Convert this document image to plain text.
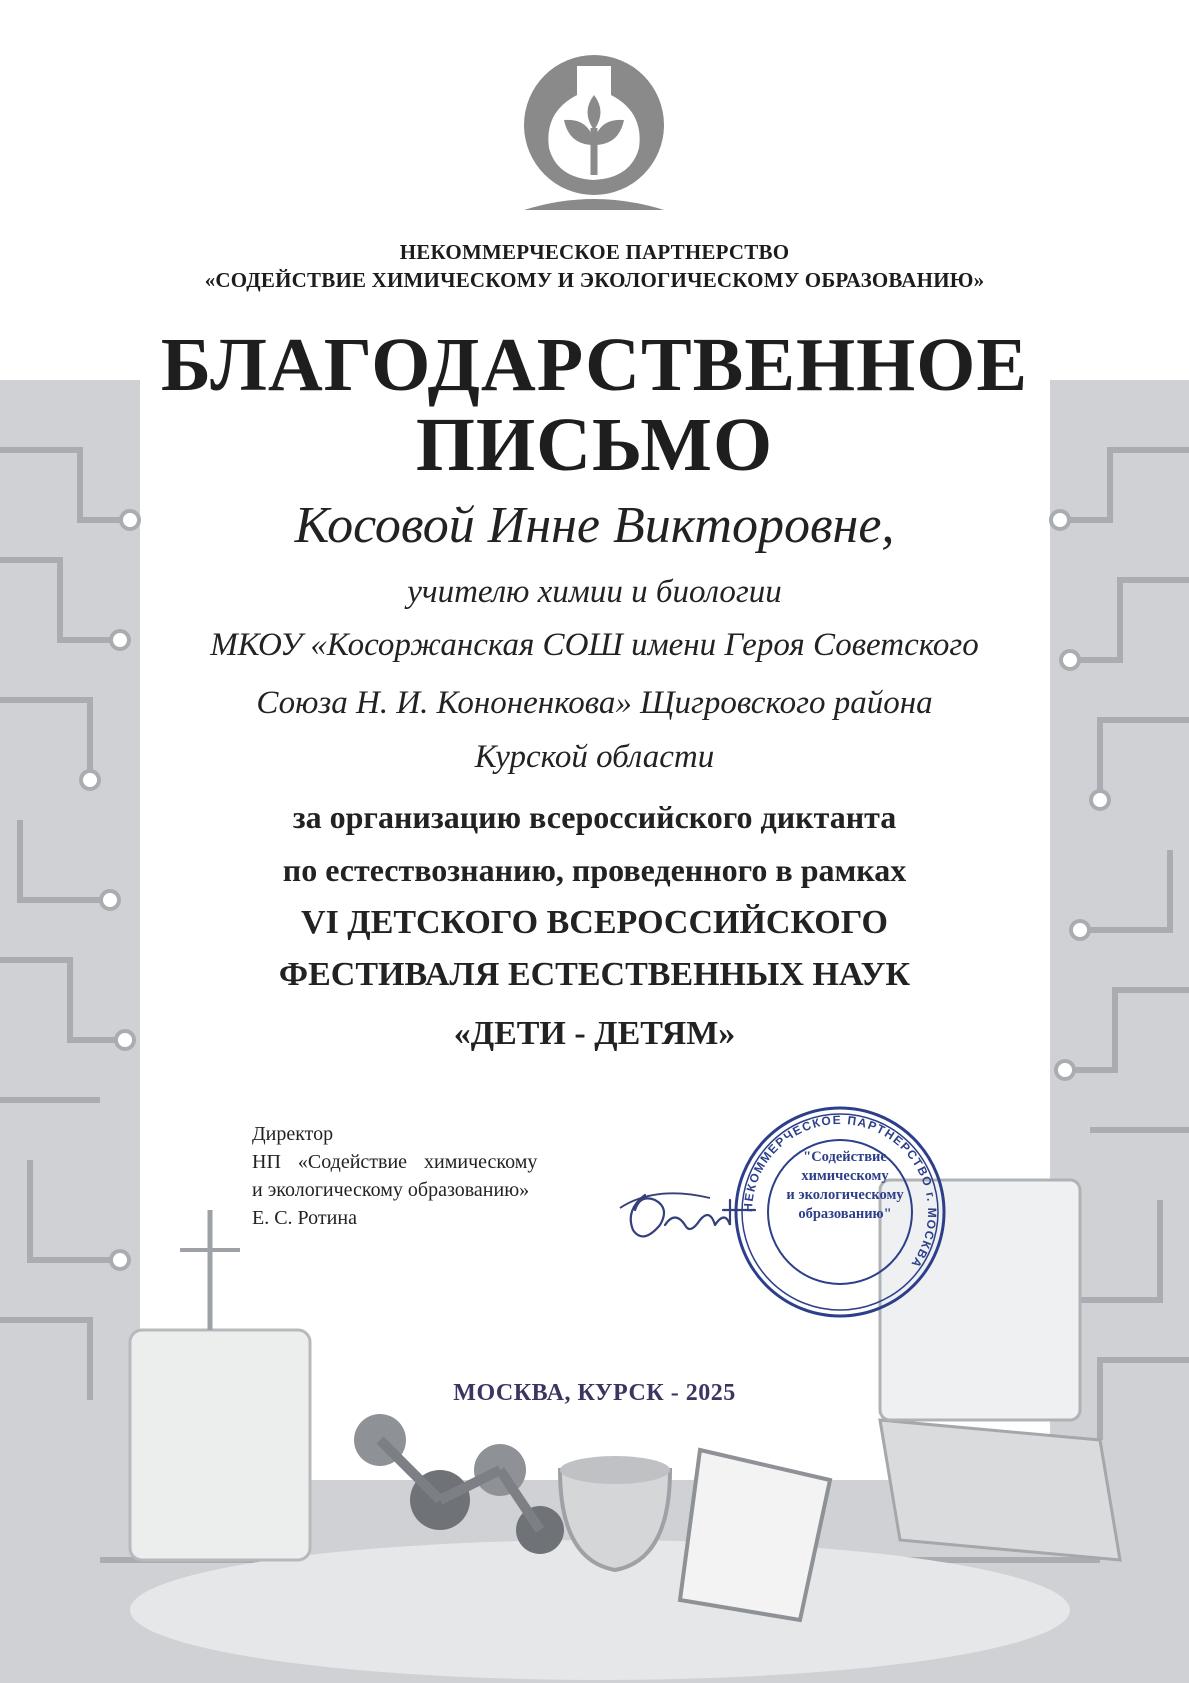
НЕКОММЕРЧЕСКОЕ ПАРТНЕРСТВО
«СОДЕЙСТВИЕ ХИМИЧЕСКОМУ И ЭКОЛОГИЧЕСКОМУ ОБРАЗОВАНИЮ»
БЛАГОДАРСТВЕННОЕ
ПИСЬМО
Косовой Инне Викторовне,
учителю химии и биологии
МКОУ «Косоржанская СОШ имени Героя Советского
Союза Н. И. Кононенкова» Щигровского района
Курской области
за организацию всероссийского диктанта
по естествознанию, проведенного в рамках
VI ДЕТСКОГО ВСЕРОССИЙСКОГО
ФЕСТИВАЛЯ ЕСТЕСТВЕННЫХ НАУК
«ДЕТИ - ДЕТЯМ»
Директор
НП «Содействие химическому
и экологическому образованию»
Е. С. Ротина
НЕКОММЕРЧЕСКОЕ ПАРТНЕРСТВО г. МОСКВА
"Содействие
химическому
и экологическому
образованию"
МОСКВА, КУРСК - 2025
